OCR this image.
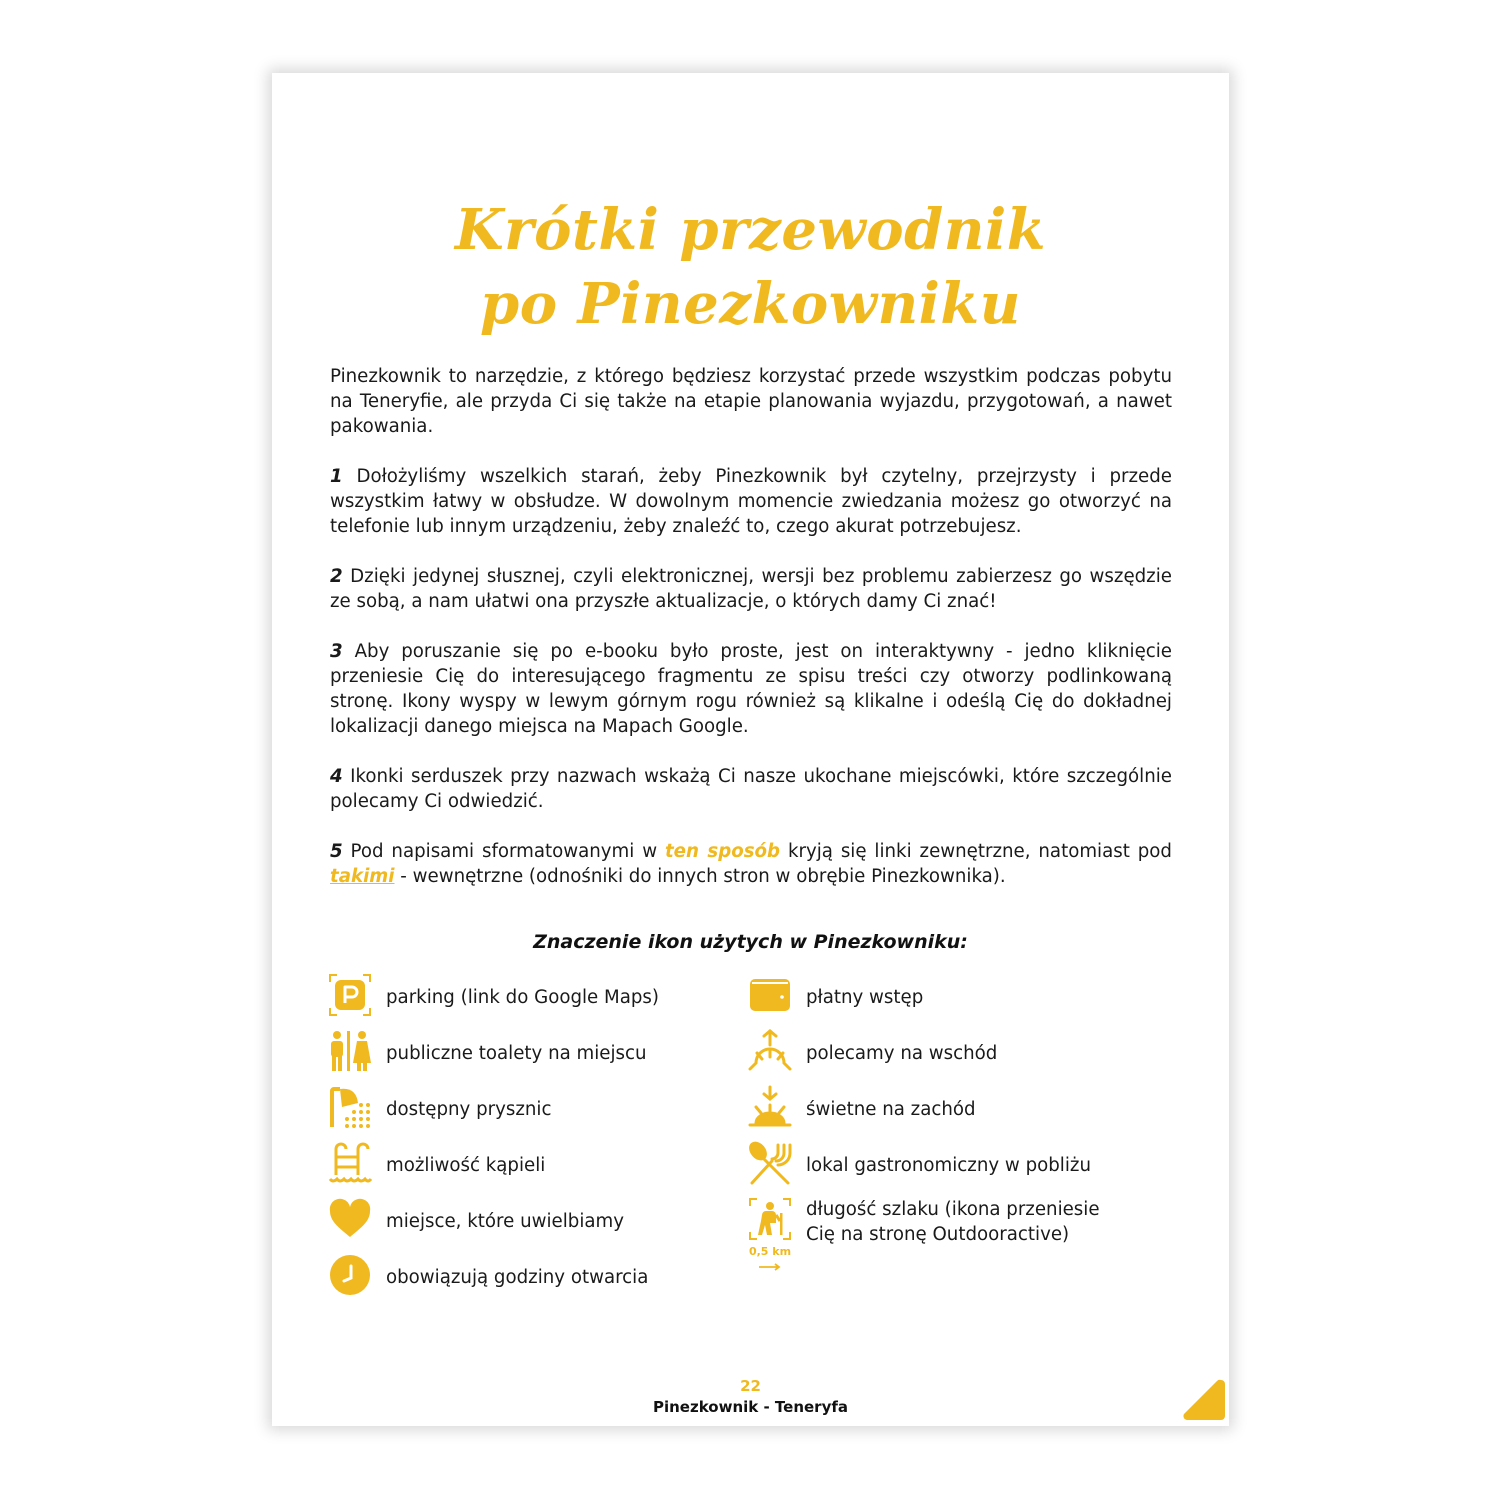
Krótki przewodnik
po Pinezkowniku

Pinezkownik to narzędzie, z którego będziesz korzystać przede wszystkim podczas pobytu na Teneryfie, ale przyda Ci się także na etapie planowania wyjazdu, przygotowań, a nawet pakowania.

1 Dołożyliśmy wszelkich starań, żeby Pinezkownik był czytelny, przejrzysty i przede wszystkim łatwy w obsłudze. W dowolnym momencie zwiedzania możesz go otworzyć na telefonie lub innym urządzeniu, żeby znaleźć to, czego akurat potrzebujesz.

2 Dzięki jedynej słusznej, czyli elektronicznej, wersji bez problemu zabierzesz go wszędzie ze sobą, a nam ułatwi ona przyszłe aktualizacje, o których damy Ci znać!

3 Aby poruszanie się po e-booku było proste, jest on interaktywny - jedno kliknięcie przeniesie Cię do interesującego fragmentu ze spisu treści czy otworzy podlinkowaną stronę. Ikony wyspy w lewym górnym rogu również są klikalne i odeślą Cię do dokładnej lokalizacji danego miejsca na Mapach Google.

4 Ikonki serduszek przy nazwach wskażą Ci nasze ukochane miejscówki, które szczególnie polecamy Ci odwiedzić.

5 Pod napisami sformatowanymi w ten sposób kryją się linki zewnętrzne, natomiast pod takimi - wewnętrzne (odnośniki do innych stron w obrębie Pinezkownika).

Znaczenie ikon użytych w Pinezkowniku:
parking (link do Google Maps)
publiczne toalety na miejscu
dostępny prysznic
możliwość kąpieli
miejsce, które uwielbiamy
obowiązują godziny otwarcia
płatny wstęp
polecamy na wschód
świetne na zachód
lokal gastronomiczny w pobliżu
0,5 km
długość szlaku (ikona przeniesie
Cię na stronę Outdooractive)
22
Pinezkownik - Teneryfa
